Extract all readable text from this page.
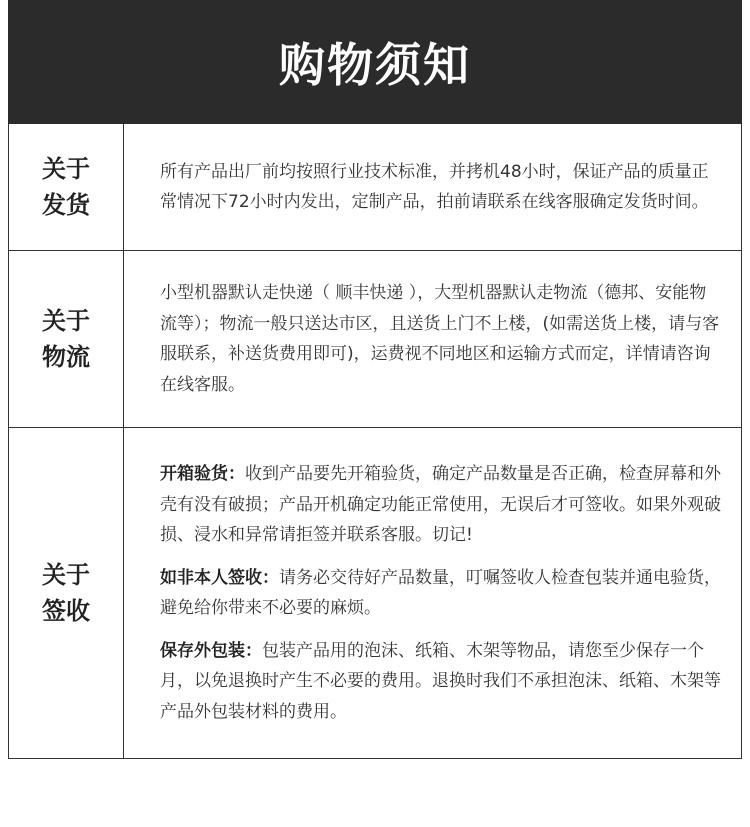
购物须知
关于
发货

所有产品出厂前均按照行业技术标准，并拷机48小时，保证产品的质量正常情况下72小时内发出，定制产品，拍前请联系在线客服确定发货时间。

关于
物流

小型机器默认走快递（ 顺丰快递 ），大型机器默认走物流（德邦、安能物流等）；物流一般只送达市区，且送货上门不上楼，(如需送货上楼，请与客服联系，补送货费用即可)，运费视不同地区和运输方式而定，详情请咨询在线客服。

关于
签收

开箱验货：收到产品要先开箱验货，确定产品数量是否正确，检查屏幕和外壳有没有破损；产品开机确定功能正常使用，无误后才可签收。如果外观破损、浸水和异常请拒签并联系客服。切记!

如非本人签收：请务必交待好产品数量，叮嘱签收人检查包装并通电验货，避免给你带来不必要的麻烦。

保存外包装：包装产品用的泡沫、纸箱、木架等物品，请您至少保存一个月，以免退换时产生不必要的费用。退换时我们不承担泡沫、纸箱、木架等产品外包装材料的费用。
